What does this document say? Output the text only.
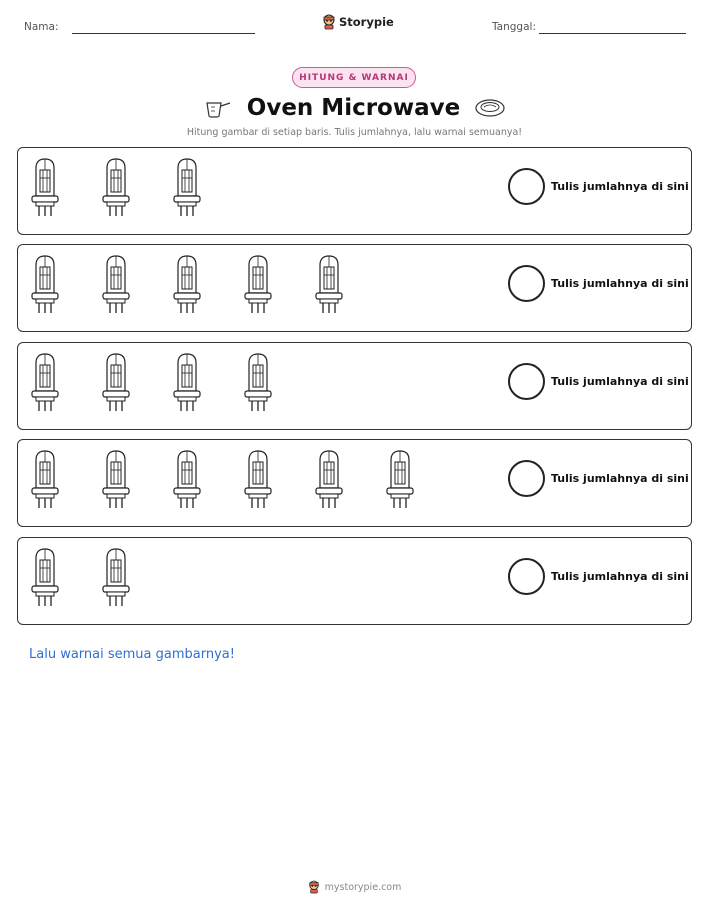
Nama:	Storypie	Tanggal:
HITUNG & WARNAI
Oven Microwave
Hitung gambar di setiap baris. Tulis jumlahnya, lalu warnai semuanya!
Tulis jumlahnya di sini
Tulis jumlahnya di sini
Tulis jumlahnya di sini
Tulis jumlahnya di sini
Tulis jumlahnya di sini
Lalu warnai semua gambarnya!
mystorypie.com
